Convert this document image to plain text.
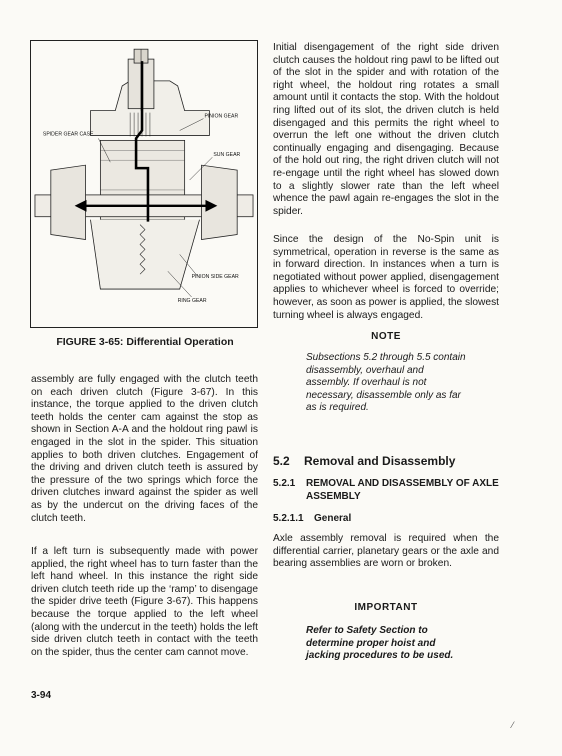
SPIDER GEAR CASE
PINION GEAR
SUN GEAR
PINION SIDE GEAR
RING GEAR
FIGURE 3-65: Differential Operation

assembly are fully engaged with the clutch teeth on each driven clutch (Figure 3-67). In this instance, the torque applied to the driven clutch teeth holds the center cam against the stop as shown in Section A-A and the holdout ring pawl is engaged in the slot in the spider. This situation applies to both driven clutches. Engagement of the driving and driven clutch teeth is assured by the pressure of the two springs which force the driven clutches inward against the spider as well as by the undercut on the driving faces of the clutch teeth.

If a left turn is subsequently made with power applied, the right wheel has to turn faster than the left hand wheel. In this instance the right side driven clutch teeth ride up the ‘ramp’ to disengage the spider drive teeth (Figure 3-67). This happens because the torque applied to the left wheel (along with the undercut in the teeth) holds the left side driven clutch teeth in contact with the teeth on the spider, thus the center cam cannot move.

Initial disengagement of the right side driven clutch causes the holdout ring pawl to be lifted out of the slot in the spider and with rotation of the right wheel, the holdout ring rotates a small amount until it contacts the stop. With the holdout ring lifted out of its slot, the driven clutch is held disengaged and this permits the right wheel to overrun the left one without the driven clutch continually engaging and disengaging. Because of the hold out ring, the right driven clutch will not re-engage until the right wheel has slowed down to a slightly slower rate than the left wheel whence the pawl again re-engages the slot in the spider.

Since the design of the No-Spin unit is symmetrical, operation in reverse is the same as in forward direction. In instances when a turn is negotiated without power applied, disengagement applies to whichever wheel is forced to override; however, as soon as power is applied, the slowest turning wheel is always engaged.

NOTE

Subsections 5.2 through 5.5 contain disassembly, overhaul and assembly. If overhaul is not necessary, disassemble only as far as is required.

5.2 Removal and Disassembly
5.2.1 REMOVAL AND DISASSEMBLY OF AXLE ASSEMBLY
5.2.1.1 General

Axle assembly removal is required when the differential carrier, planetary gears or the axle and bearing assemblies are worn or broken.

IMPORTANT

Refer to Safety Section to determine proper hoist and jacking procedures to be used.

3-94
⁄
